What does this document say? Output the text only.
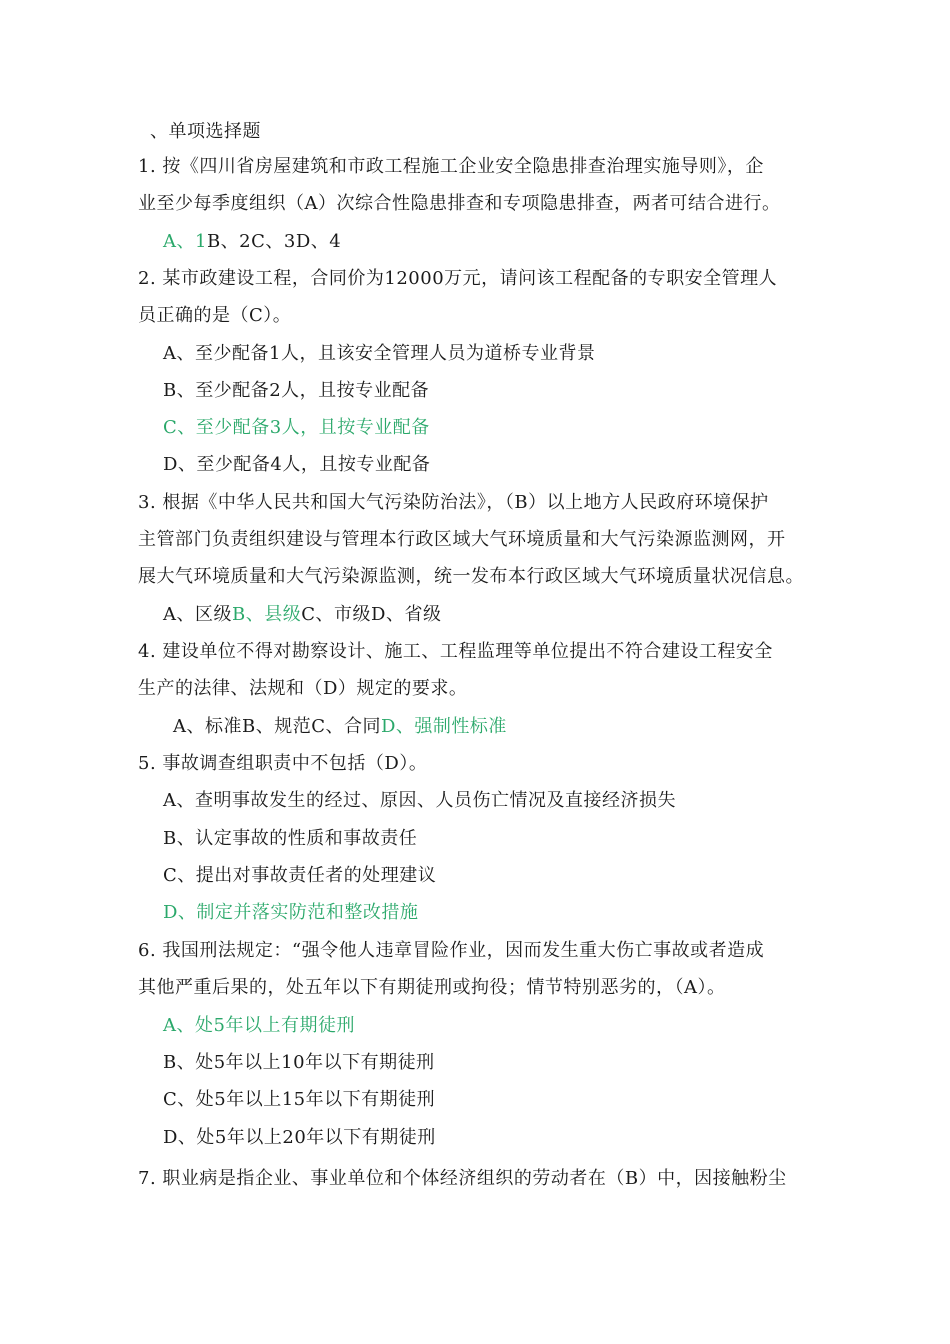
、单项选择题
1. 按《四川省房屋建筑和市政工程施工企业安全隐患排查治理实施导则》，企
业至少每季度组织（A）次综合性隐患排查和专项隐患排查，两者可结合进行。
A、1B、2C、3D、4
2. 某市政建设工程，合同价为12000万元，请问该工程配备的专职安全管理人
员正确的是（C）。
A、至少配备1人，且该安全管理人员为道桥专业背景
B、至少配备2人，且按专业配备
C、至少配备3人，且按专业配备
D、至少配备4人，且按专业配备
3. 根据《中华人民共和国大气污染防治法》，（B）以上地方人民政府环境保护
主管部门负责组织建设与管理本行政区域大气环境质量和大气污染源监测网，开
展大气环境质量和大气污染源监测，统一发布本行政区域大气环境质量状况信息。
A、区级B、县级C、市级D、省级
4. 建设单位不得对勘察设计、施工、工程监理等单位提出不符合建设工程安全
生产的法律、法规和（D）规定的要求。
A、标准B、规范C、合同D、强制性标准
5. 事故调查组职责中不包括（D）。
A、查明事故发生的经过、原因、人员伤亡情况及直接经济损失
B、认定事故的性质和事故责任
C、提出对事故责任者的处理建议
D、制定并落实防范和整改措施
6. 我国刑法规定：“强令他人违章冒险作业，因而发生重大伤亡事故或者造成
其他严重后果的，处五年以下有期徒刑或拘役；情节特别恶劣的，（A）。
A、处5年以上有期徒刑
B、处5年以上10年以下有期徒刑
C、处5年以上15年以下有期徒刑
D、处5年以上20年以下有期徒刑
7. 职业病是指企业、事业单位和个体经济组织的劳动者在（B）中，因接触粉尘
